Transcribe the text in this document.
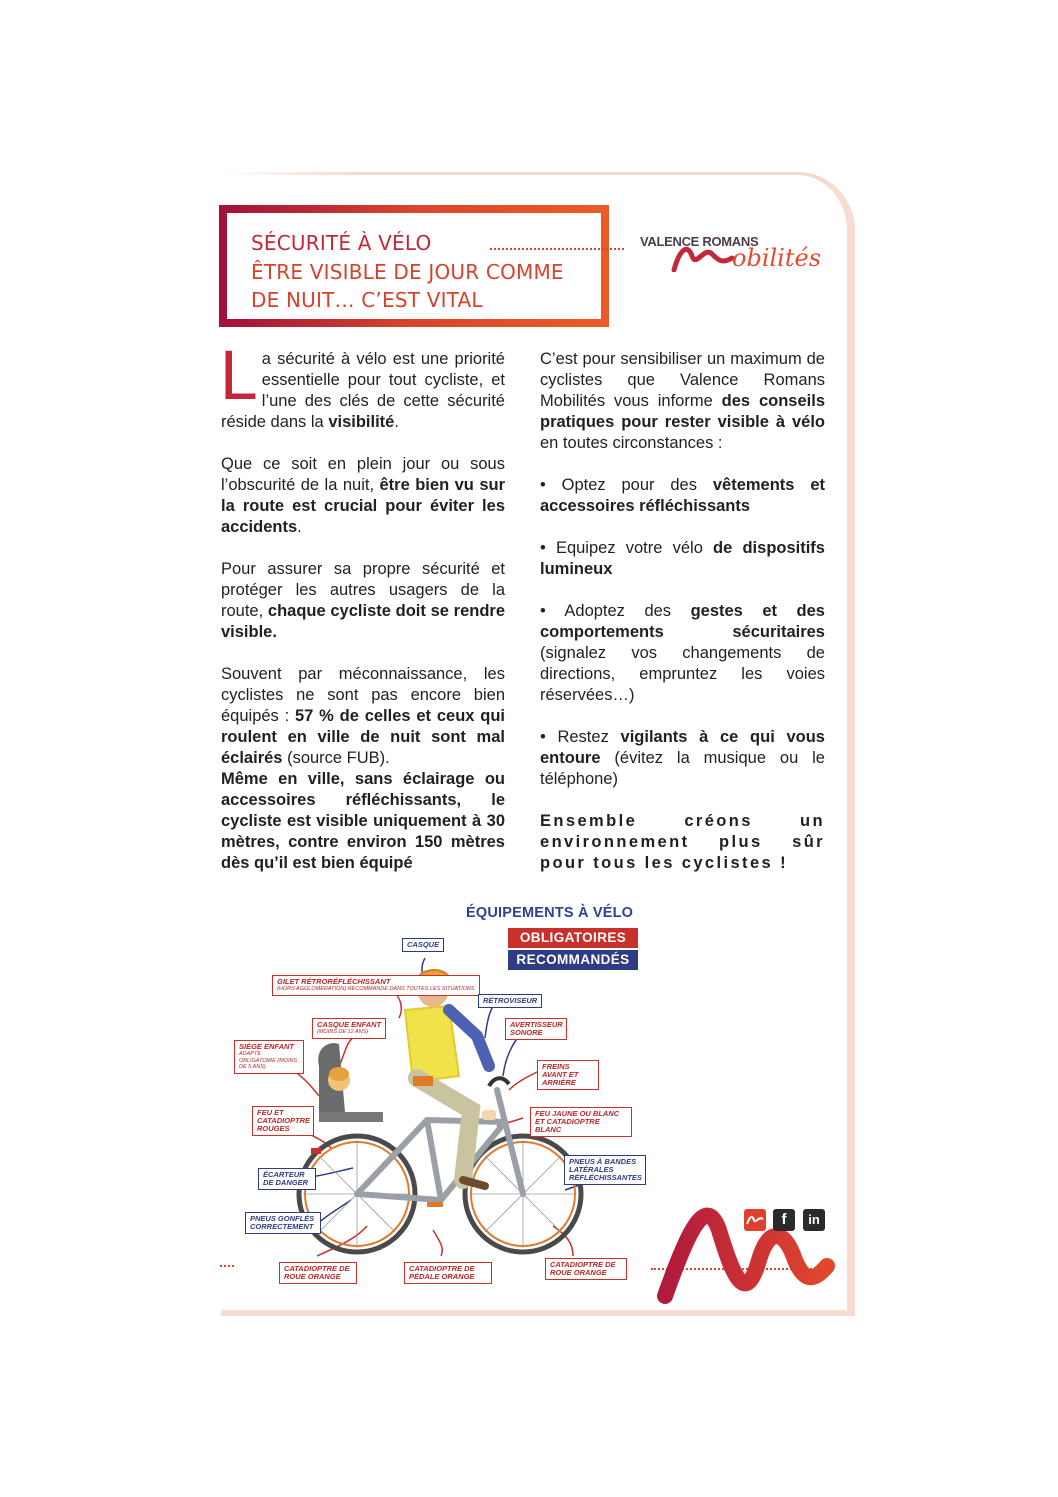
SÉCURITÉ À VÉLO
ÊTRE VISIBLE DE JOUR COMME
DE NUIT… C’EST VITAL
VALENCE ROMANS
obilités

La sécurité à vélo est une priorité essentielle pour tout cycliste, et l’une des clés de cette sécurité réside dans la visibilité.

Que ce soit en plein jour ou sous l’obscurité de la nuit, être bien vu sur la route est crucial pour éviter les accidents.

Pour assurer sa propre sécurité et protéger les autres usagers de la route, chaque cycliste doit se rendre visible.

Souvent par méconnaissance, les cyclistes ne sont pas encore bien équipés : 57 % de celles et ceux qui roulent en ville de nuit sont mal éclairés (source FUB).

Même en ville, sans éclairage ou accessoires réfléchissants, le cycliste est visible uniquement à 30 mètres, contre environ 150 mètres dès qu’il est bien équipé

C’est pour sensibiliser un maximum de cyclistes que Valence Romans Mobilités vous informe des conseils pratiques pour rester visible à vélo en toutes circonstances :

• Optez pour des vêtements et accessoires réfléchissants

• Equipez votre vélo de dispositifs lumineux

• Adoptez des gestes et des comportements sécuritaires (signalez vos changements de directions, empruntez les voies réservées…)

• Restez vigilants à ce qui vous entoure (évitez la musique ou le téléphone)

Ensemble créons un environnement plus sûr pour tous les cyclistes !

ÉQUIPEMENTS À VÉLO
OBLIGATOIRES
RECOMMANDÉS
CASQUE
GILET RÉTRORÉFLÉCHISSANT
(HORS AGGLOMÉRATION) RECOMMANDÉ DANS TOUTES LES SITUATIONS
RÉTROVISEUR
CASQUE ENFANT
(MOINS DE 12 ANS)
AVERTISSEUR SONORE
SIÈGE ENFANT
ADAPTÉ OBLIGATOIRE (MOINS DE 5 ANS)	FREINS AVANT ET ARRIÈRE
FEU ET CATADIOPTRE ROUGES
FEU JAUNE OU BLANC ET CATADIOPTRE BLANC
ÉCARTEUR DE DANGER
PNEUS À BANDES LATÉRALES RÉFLÉCHISSANTES
PNEUS GONFLÉS CORRECTEMENT
CATADIOPTRE DE ROUE ORANGE
CATADIOPTRE DE PÉDALE ORANGE
CATADIOPTRE DE ROUE ORANGE
f	in
